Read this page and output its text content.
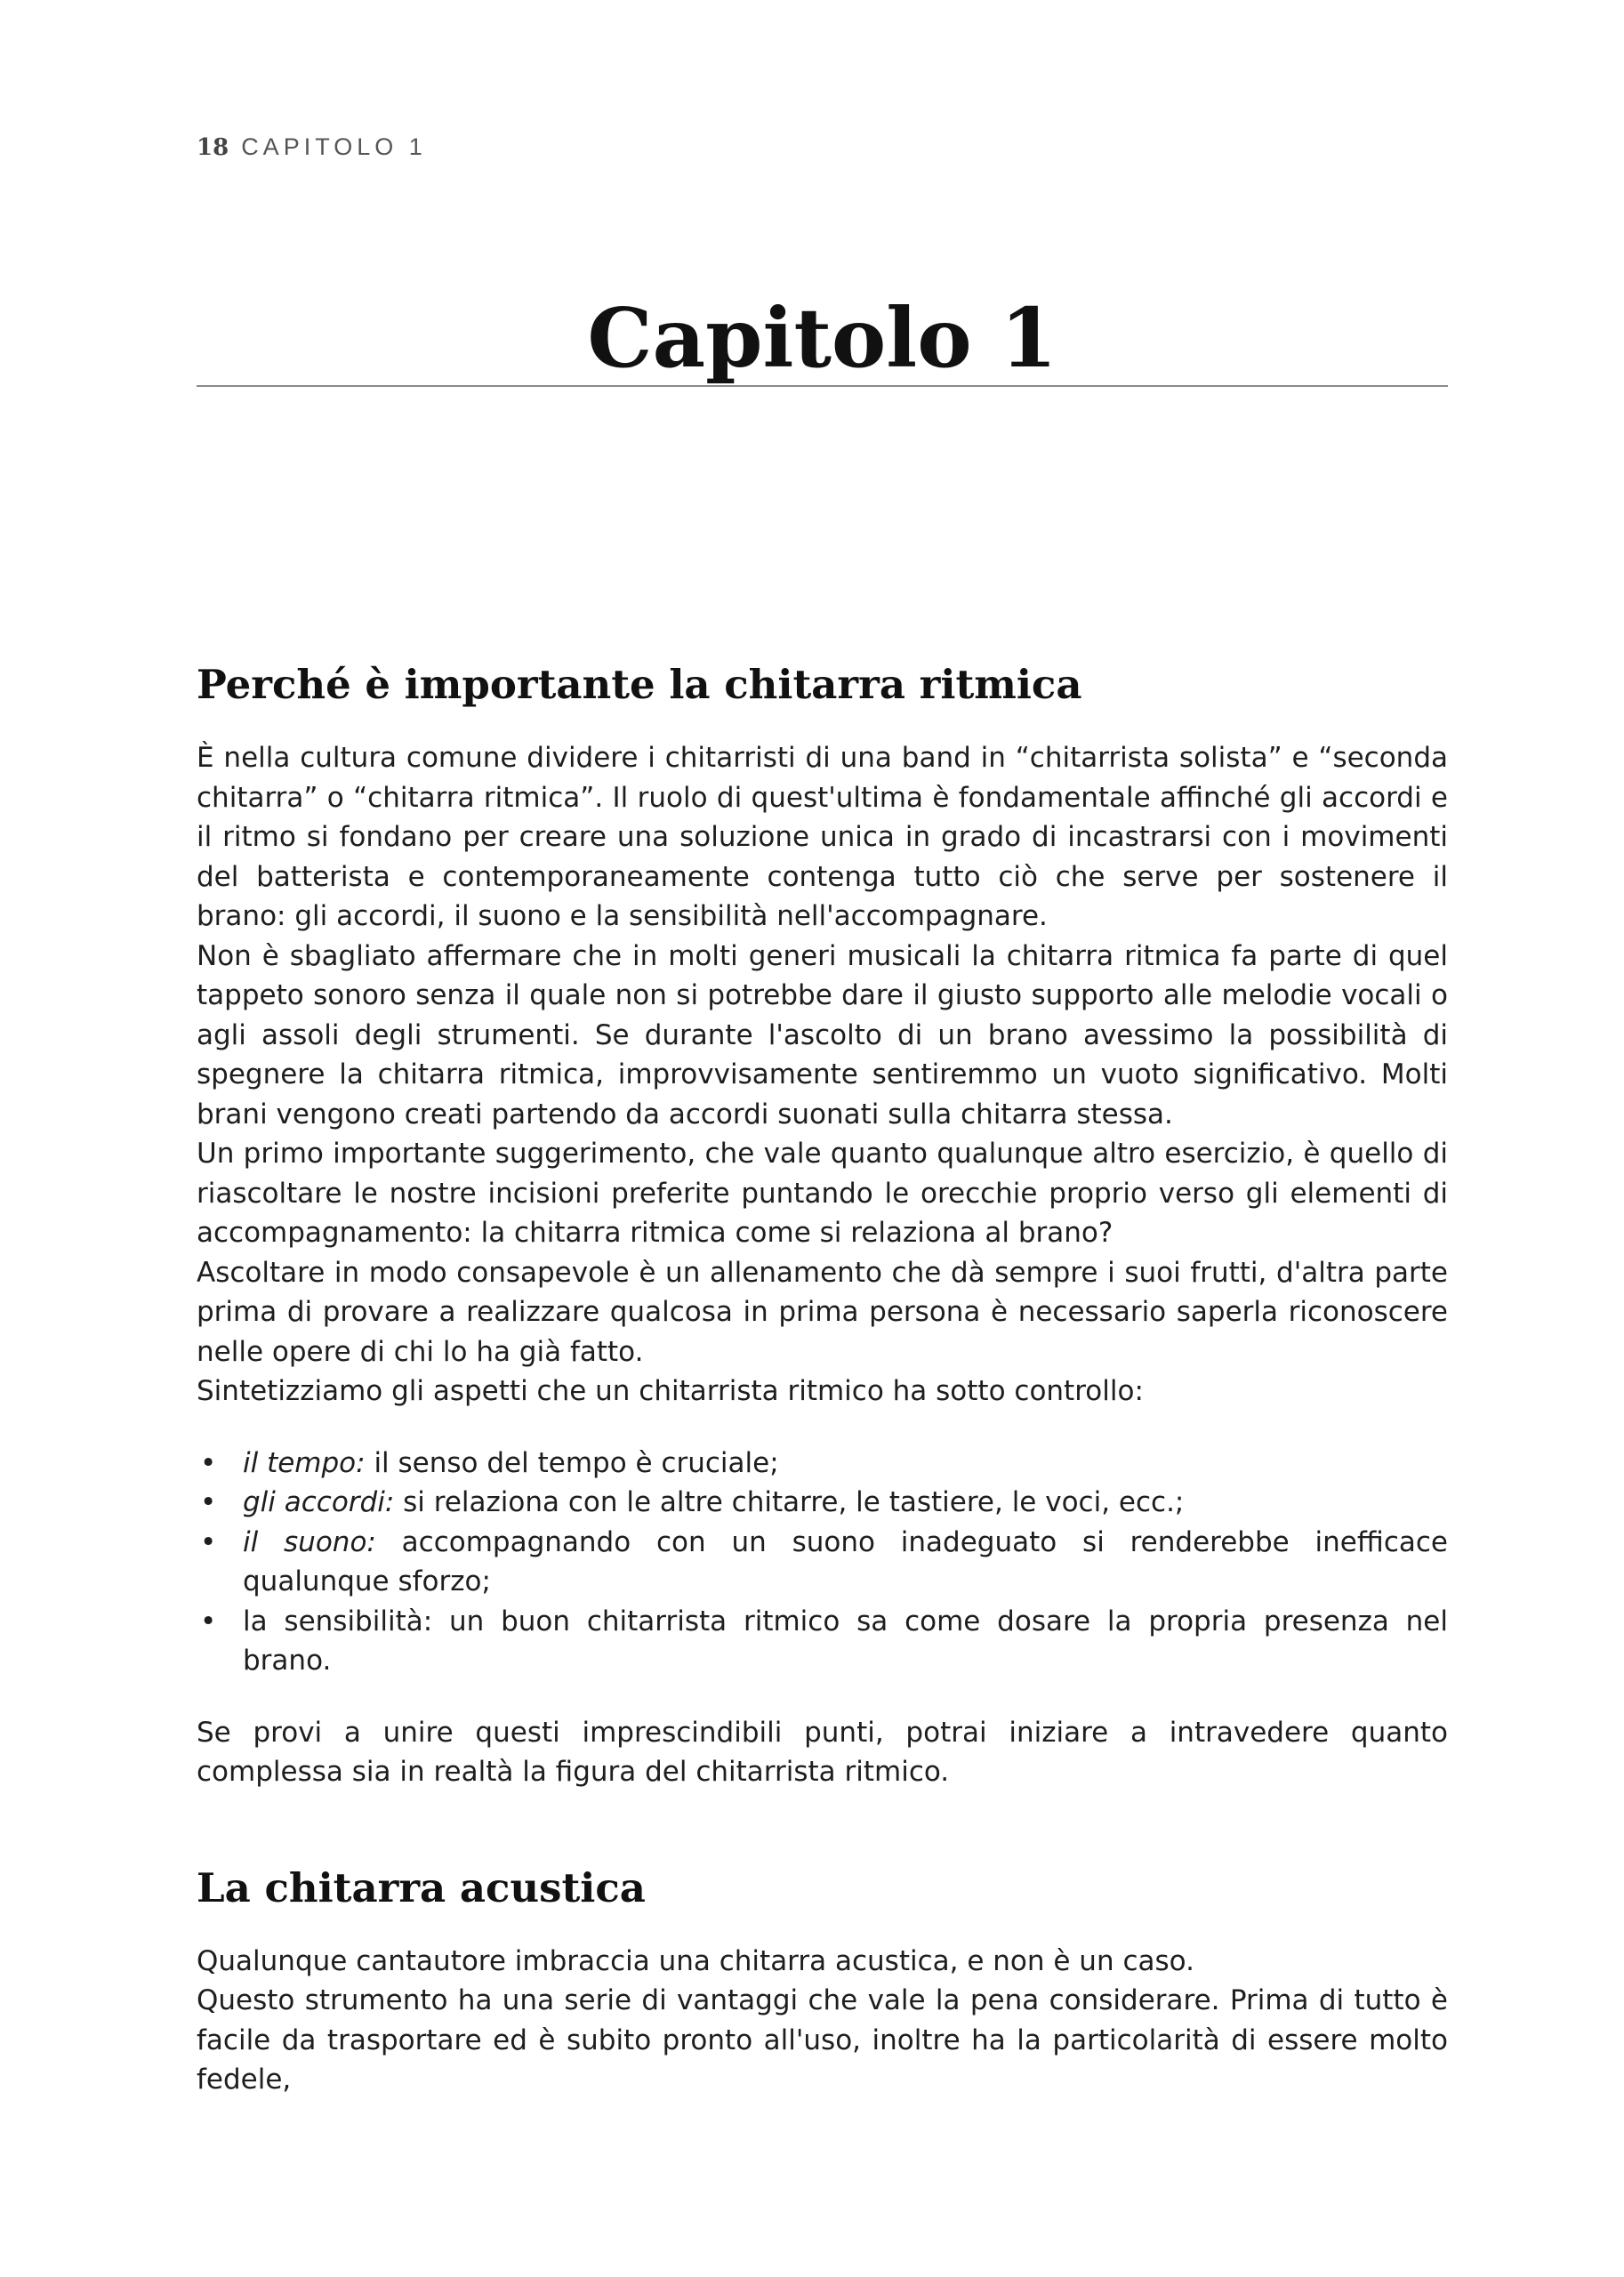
18 CAPITOLO 1
Capitolo 1
Perché è importante la chitarra ritmica

È nella cultura comune dividere i chitarristi di una band in “chitarrista solista” e “seconda chitarra” o “chitarra ritmica”. Il ruolo di quest'ultima è fondamentale affinché gli accordi e il ritmo si fondano per creare una soluzione unica in grado di incastrarsi con i movimenti del batterista e contemporaneamente contenga tutto ciò che serve per sostenere il brano: gli accordi, il suono e la sensibilità nell'accompagnare.

Non è sbagliato affermare che in molti generi musicali la chitarra ritmica fa parte di quel tappeto sonoro senza il quale non si potrebbe dare il giusto supporto alle melodie vocali o agli assoli degli strumenti. Se durante l'ascolto di un brano avessimo la possibilità di spegnere la chitarra ritmica, improvvisamente sentiremmo un vuoto significativo. Molti brani vengono creati partendo da accordi suonati sulla chitarra stessa.

Un primo importante suggerimento, che vale quanto qualunque altro esercizio, è quello di riascoltare le nostre incisioni preferite puntando le orecchie proprio verso gli elementi di accompagnamento: la chitarra ritmica come si relaziona al brano?

Ascoltare in modo consapevole è un allenamento che dà sempre i suoi frutti, d'altra parte prima di provare a realizzare qualcosa in prima persona è necessario saperla riconoscere nelle opere di chi lo ha già fatto.

Sintetizziamo gli aspetti che un chitarrista ritmico ha sotto controllo:

• il tempo: il senso del tempo è cruciale;
• gli accordi: si relaziona con le altre chitarre, le tastiere, le voci, ecc.;
• il suono: accompagnando con un suono inadeguato si renderebbe inefficace qualunque sforzo;
• la sensibilità: un buon chitarrista ritmico sa come dosare la propria presenza nel brano.

Se provi a unire questi imprescindibili punti, potrai iniziare a intravedere quanto complessa sia in realtà la figura del chitarrista ritmico.

La chitarra acustica

Qualunque cantautore imbraccia una chitarra acustica, e non è un caso.

Questo strumento ha una serie di vantaggi che vale la pena considerare. Prima di tutto è facile da trasportare ed è subito pronto all'uso, inoltre ha la particolarità di essere molto fedele,
